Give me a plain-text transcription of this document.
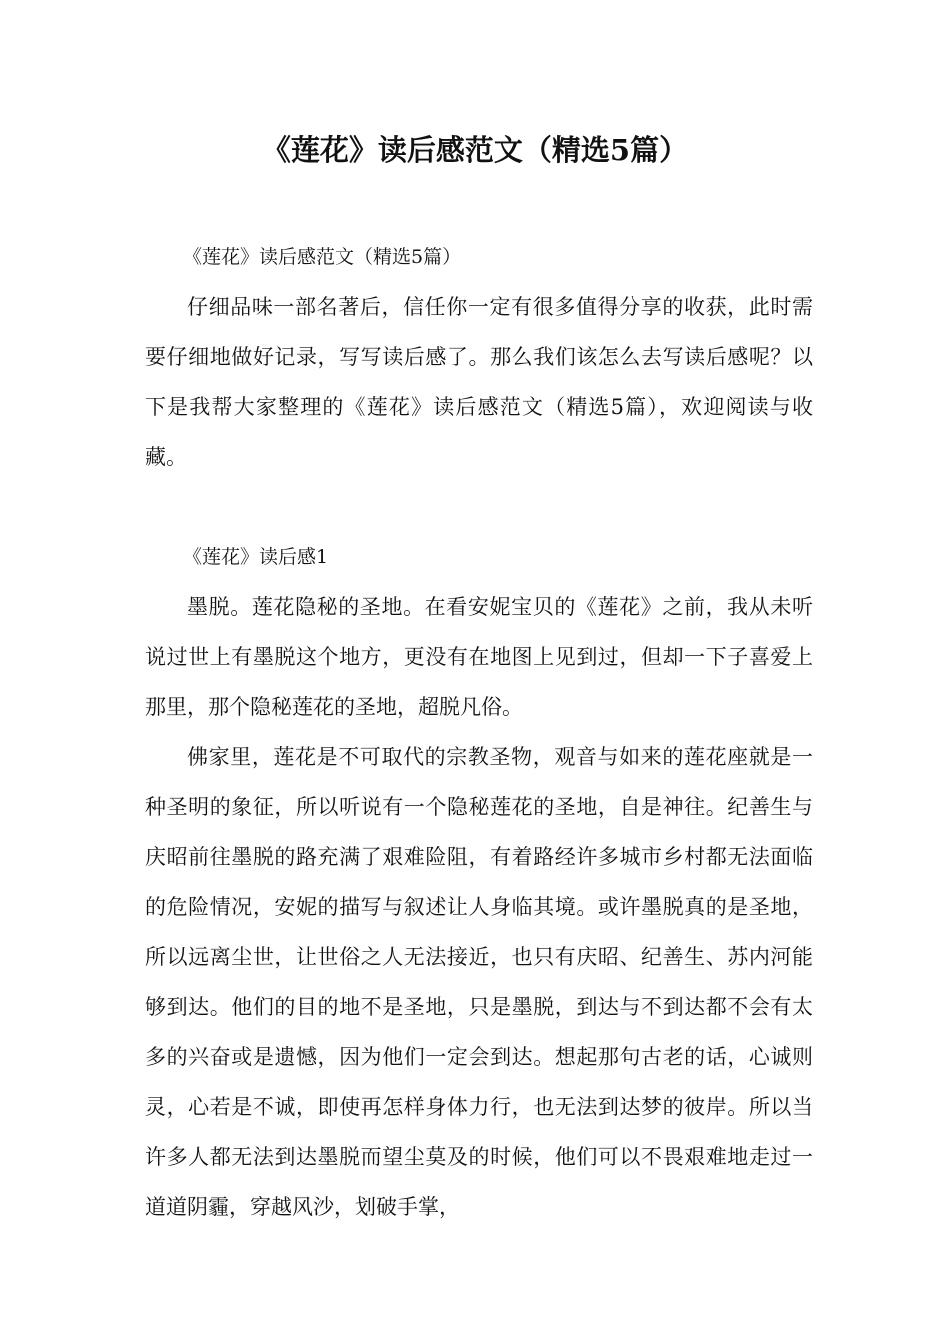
《莲花》读后感范文（精选5篇）

《莲花》读后感范文（精选5篇）

仔细品味一部名著后，信任你一定有很多值得分享的收获，此时需要仔细地做好记录，写写读后感了。那么我们该怎么去写读后感呢？以下是我帮大家整理的《莲花》读后感范文（精选5篇），欢迎阅读与收藏。

《莲花》读后感1

墨脱。莲花隐秘的圣地。在看安妮宝贝的《莲花》之前，我从未听说过世上有墨脱这个地方，更没有在地图上见到过，但却一下子喜爱上那里，那个隐秘莲花的圣地，超脱凡俗。

佛家里，莲花是不可取代的宗教圣物，观音与如来的莲花座就是一种圣明的象征，所以听说有一个隐秘莲花的圣地，自是神往。纪善生与庆昭前往墨脱的路充满了艰难险阻，有着路经许多城市乡村都无法面临的危险情况，安妮的描写与叙述让人身临其境。或许墨脱真的是圣地，所以远离尘世，让世俗之人无法接近，也只有庆昭、纪善生、苏内河能够到达。他们的目的地不是圣地，只是墨脱，到达与不到达都不会有太多的兴奋或是遗憾，因为他们一定会到达。想起那句古老的话，心诚则灵，心若是不诚，即使再怎样身体力行，也无法到达梦的彼岸。所以当许多人都无法到达墨脱而望尘莫及的时候，他们可以不畏艰难地走过一道道阴霾，穿越风沙，划破手掌，
